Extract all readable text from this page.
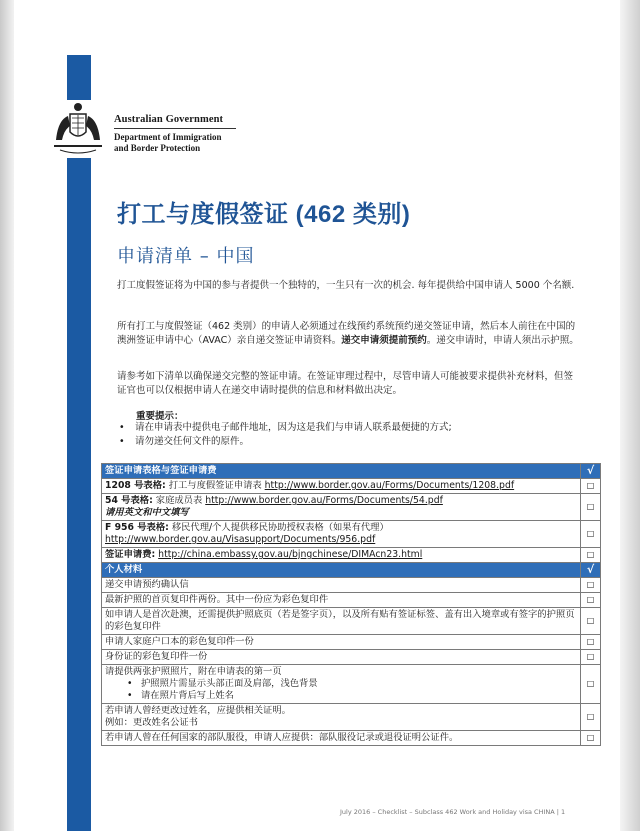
Australian Government
Department of Immigration
and Border Protection
打工与度假签证 (462 类别)
申请清单 – 中国
打工度假签证将为中国的参与者提供一个独特的，一生只有一次的机会. 每年提供给中国申请人 5000 个名额.
所有打工与度假签证（462 类别）的申请人必须通过在线预约系统预约递交签证申请，然后本人前往在中国的澳洲签证申请中心（AVAC）亲自递交签证申请资料。递交申请须提前预约。递交申请时，申请人须出示护照。
请参考如下清单以确保递交完整的签证申请。在签证审理过程中，尽管申请人可能被要求提供补充材料，但签证官也可以仅根据申请人在递交申请时提供的信息和材料做出决定。
重要提示：
• 请在申请表中提供电子邮件地址，因为这是我们与申请人联系最便捷的方式;
• 请勿递交任何文件的原件。
签证申请表格与签证申请费	√
1208 号表格: 打工与度假签证申请表 http://www.border.gov.au/Forms/Documents/1208.pdf	□
54 号表格: 家庭成员表 http://www.border.gov.au/Forms/Documents/54.pdf
请用英文和中文填写	□
F 956 号表格: 移民代理/个人提供移民协助授权表格（如果有代理）
http://www.border.gov.au/Visasupport/Documents/956.pdf	□
签证申请费: http://china.embassy.gov.au/bjngchinese/DIMAcn23.html	□
个人材料	√
递交申请预约确认信	□
最新护照的首页复印件两份。其中一份应为彩色复印件	□
如申请人是首次赴澳，还需提供护照底页（若是签字页），以及所有贴有签证标签、盖有出入境章或有签字的护照页的彩色复印件	□
申请人家庭户口本的彩色复印件一份	□
身份证的彩色复印件一份	□

请提供两张护照照片，附在申请表的第一页
• 护照照片需显示头部正面及肩部，浅色背景
• 请在照片背后写上姓名	□

若申请人曾经更改过姓名，应提供相关证明。
例如：更改姓名公证书	□
若申请人曾在任何国家的部队服役，申请人应提供：部队服役记录或退役证明公证件。	□
July 2016 – Checklist – Subclass 462 Work and Holiday visa CHINA | 1
